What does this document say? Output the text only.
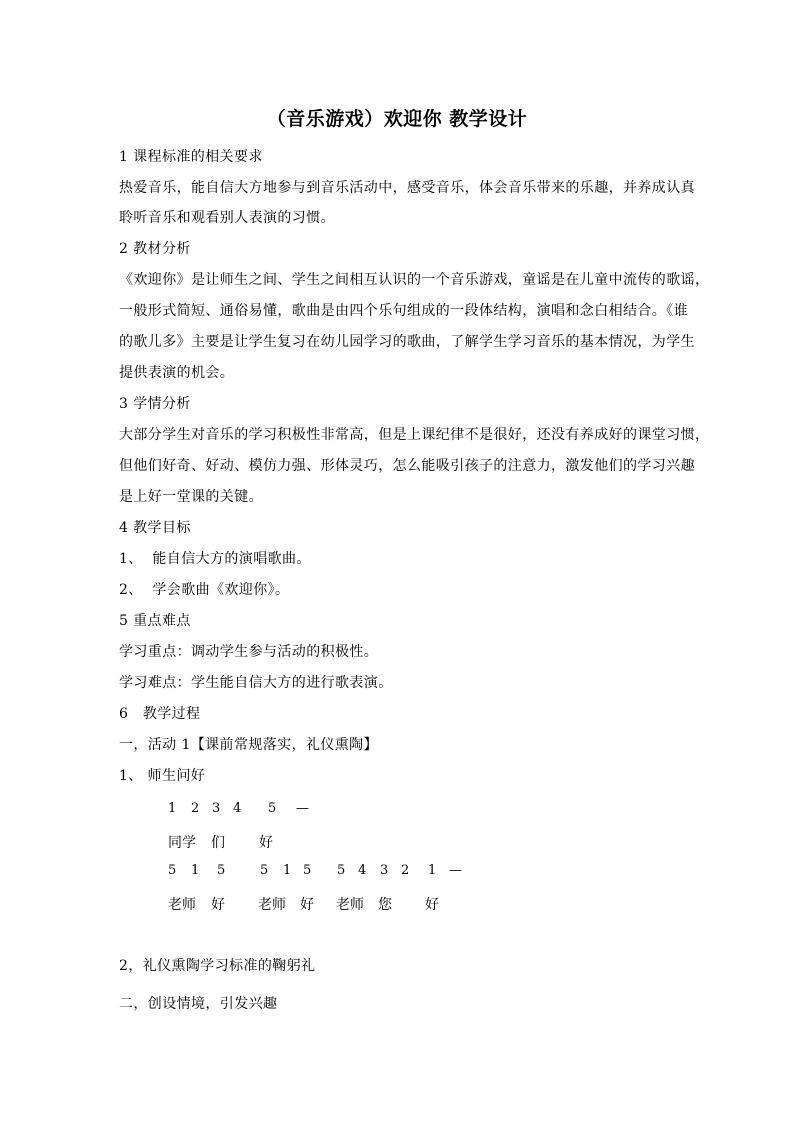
（音乐游戏）欢迎你 教学设计
1 课程标准的相关要求
热爱音乐，能自信大方地参与到音乐活动中，感受音乐，体会音乐带来的乐趣，并养成认真
聆听音乐和观看别人表演的习惯。
2 教材分析
《欢迎你》是让师生之间、学生之间相互认识的一个音乐游戏，童谣是在儿童中流传的歌谣，
一般形式简短、通俗易懂，歌曲是由四个乐句组成的一段体结构，演唱和念白相结合。《谁
的歌儿多》主要是让学生复习在幼儿园学习的歌曲，了解学生学习音乐的基本情况，为学生
提供表演的机会。
3 学情分析
大部分学生对音乐的学习积极性非常高，但是上课纪律不是很好，还没有养成好的课堂习惯，
但他们好奇、好动、模仿力强、形体灵巧，怎么能吸引孩子的注意力，激发他们的学习兴趣
是上好一堂课的关键。
4 教学目标
1、  能自信大方的演唱歌曲。
2、  学会歌曲《欢迎你》。
5 重点难点
学习重点：调动学生参与活动的积极性。
学习难点：学生能自信大方的进行歌表演。
6   教学过程
一，活动 1【课前常规落实，礼仪熏陶】
1、 师生问好
1 2 3 4 5 —
同学 们 好
5 1 5	5 1 5 5 4 3 2 1 —
老师 好 老师 好 老师 您 好
2，礼仪熏陶学习标准的鞠躬礼
二，创设情境，引发兴趣
